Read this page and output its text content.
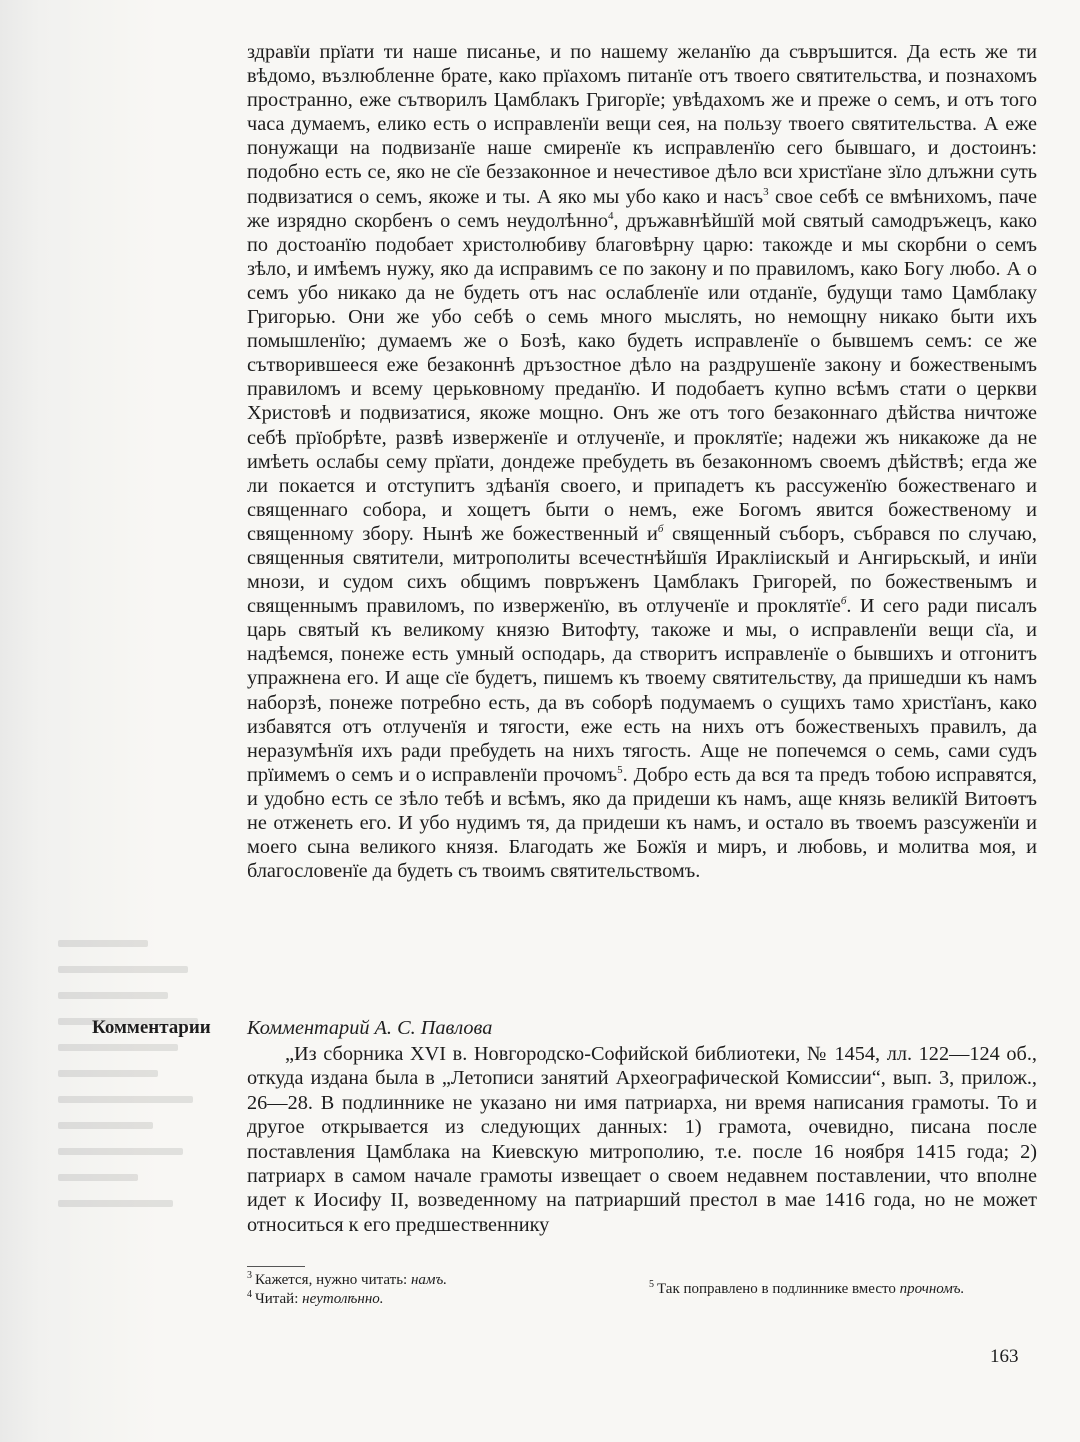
здравїи прїати ти наше писанье, и по нашему желанїю да съвръшится. Да есть же ти вѣдомо, възлюбленне брате, како прїахомъ питанїе отъ твоего святительства, и познахомъ пространно, еже сътворилъ Цамблакъ Григорїе; увѣдахомъ же и преже о семъ, и отъ того часа думаемъ, елико есть о исправленїи вещи сея, на пользу твоего святительства. А еже понужащи на подвизанїе наше смиренїе къ исправленїю сего бывшаго, и достоинъ: подобно есть се, яко не сїе беззаконное и нечестивое дѣло вси христїане зїло длъжни суть подвизатися о семъ, якоже и ты. А яко мы убо како и насъ$^3$ свое себѣ се вмѣнихомъ, паче же изрядно скорбенъ о семъ неудолѣнно$^4$, дръжавнѣйшїй мой святый самодръжецъ, како по достоанїю подобает христолюбиву благовѣрну царю: такожде и мы скорбни о семъ зѣло, и имѣемъ нужу, яко да исправимъ се по закону и по правиломъ, како Богу любо. А о семъ убо никако да не будеть отъ нас ослабленїе или отданїе, будущи тамо Цамблаку Григорью. Они же убо себѣ о семь много мыслять, но немощну никако быти ихъ помышленїю; думаемъ же о Бозѣ, како будеть исправленїе о бывшемъ семъ: се же сътворившееся еже безаконнѣ дръзостное дѣло на раздрушенїе закону и божественымъ правиломъ и всему церьковному преданїю. И подобаетъ купно всѣмъ стати о церкви Христовѣ и подвизатися, якоже мощно. Онъ же отъ того безаконнаго дѣйства ничтоже себѣ прїобрѣте, развѣ изверженїе и отлученїе, и проклятїе; надежи жъ никакоже да не имѣеть ослабы сему прїати, дондеже пребудеть въ безаконномъ своемъ дѣйствѣ; егда же ли покается и отступитъ здѣанїя своего, и припадетъ къ рассуженїю божественаго и священнаго собора, и хощетъ быти о немъ, еже Богомъ явится божественому и священному збору. Нынѣ же божественный $и^б$ священный съборъ, събрався по случаю, священныя святители, митрополиты всечестнѣйшїя Иракліискый и Ангирьскый, и инїи мнози, и судом сихъ общимъ повръженъ Цамблакъ Григорей, по божественымъ и священнымъ правиломъ, по изверженїю, въ отлученїе и проклятїе$^б$. И сего ради писалъ царь святый къ великому князю Витофту, такоже и мы, о исправленїи вещи сїа, и надѣемся, понеже есть умный осподарь, да створитъ исправленїе о бывшихъ и отгонитъ упражнена его. И аще сїе будетъ, пишемъ къ твоему святительству, да пришедши къ намъ наборзѣ, понеже потребно есть, да въ соборѣ подумаемъ о сущихъ тамо христїанъ, како избавятся отъ отлученїя и тягости, еже есть на нихъ отъ божественыхъ правилъ, да неразумѣнїя ихъ ради пребудеть на нихъ тягость. Аще не попечемся о семь, сами судъ прїимемъ о семъ и о исправленїи прочомъ$^5$. Добро есть да вся та предъ тобою исправятся, и удобно есть се зѣло тебѣ и всѣмъ, яко да придеши къ намъ, аще князь великїй Витоѳтъ не отженеть его. И убо нудимъ тя, да придеши къ намъ, и остало въ твоемъ разсуженїи и моего сына великого князя. Благодать же Божїя и миръ, и любовь, и молитва моя, и благословенїе да будеть съ твоимъ святительствомъ.

Комментарии Комментарий А. С. Павлова

„Из сборника XVI в. Новгородско-Софийской библиотеки, № 1454, лл. 122—124 об., откуда издана была в „Летописи занятий Археографической Комиссии“, вып. 3, прилож., 26—28. В подлиннике не указано ни имя патриарха, ни время написания грамоты. То и другое открывается из следующих данных: 1) грамота, очевидно, писана после поставления Цамблака на Киевскую митрополию, т.е. после 16 ноября 1415 года; 2) патриарх в самом начале грамоты извещает о своем недавнем поставлении, что вполне идет к Иосифу II, возведенному на патриарший престол в мае 1416 года, но не может относиться к его предшественнику

$^3$ Кажется, нужно читать: намъ.
$^4$ Читай: неутолѣнно.
$^5$ Так поправлено в подлиннике вместо прочномъ.
163
